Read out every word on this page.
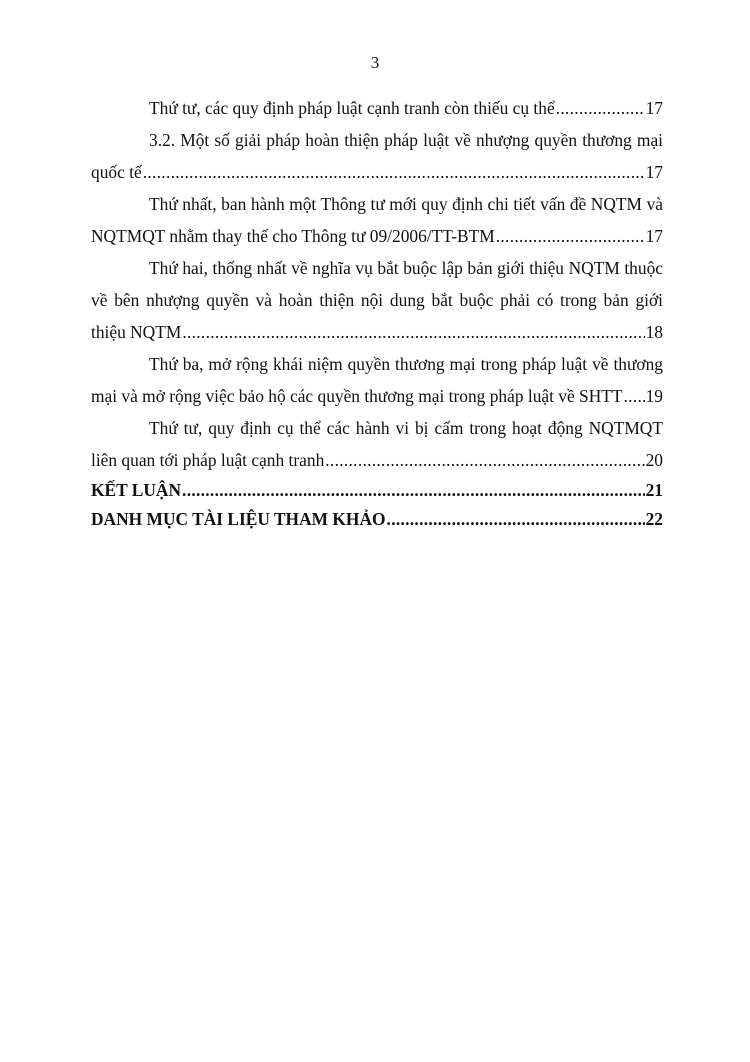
3
Thứ tư, các quy định pháp luật cạnh tranh còn thiếu cụ thể .....	17
3.2. Một số giải pháp hoàn thiện pháp luật về nhượng quyền thương mại
quốc tế .....	17
Thứ nhất, ban hành một Thông tư mới quy định chi tiết vấn đề NQTM và
NQTMQT nhằm thay thế cho Thông tư 09/2006/TT-BTM .....	17
Thứ hai, thống nhất về nghĩa vụ bắt buộc lập bản giới thiệu NQTM thuộc
về bên nhượng quyền và hoàn thiện nội dung bắt buộc phải có trong bản giới
thiệu NQTM .....	18
Thứ ba, mở rộng khái niệm quyền thương mại trong pháp luật về thương
mại và mở rộng việc bảo hộ các quyền thương mại trong pháp luật về SHTT ..... 19
Thứ tư, quy định cụ thể các hành vi bị cấm trong hoạt động NQTMQT
liên quan tới pháp luật cạnh tranh .....	20
KẾT LUẬN .....	21
DANH MỤC TÀI LIỆU THAM KHẢO .....	22
